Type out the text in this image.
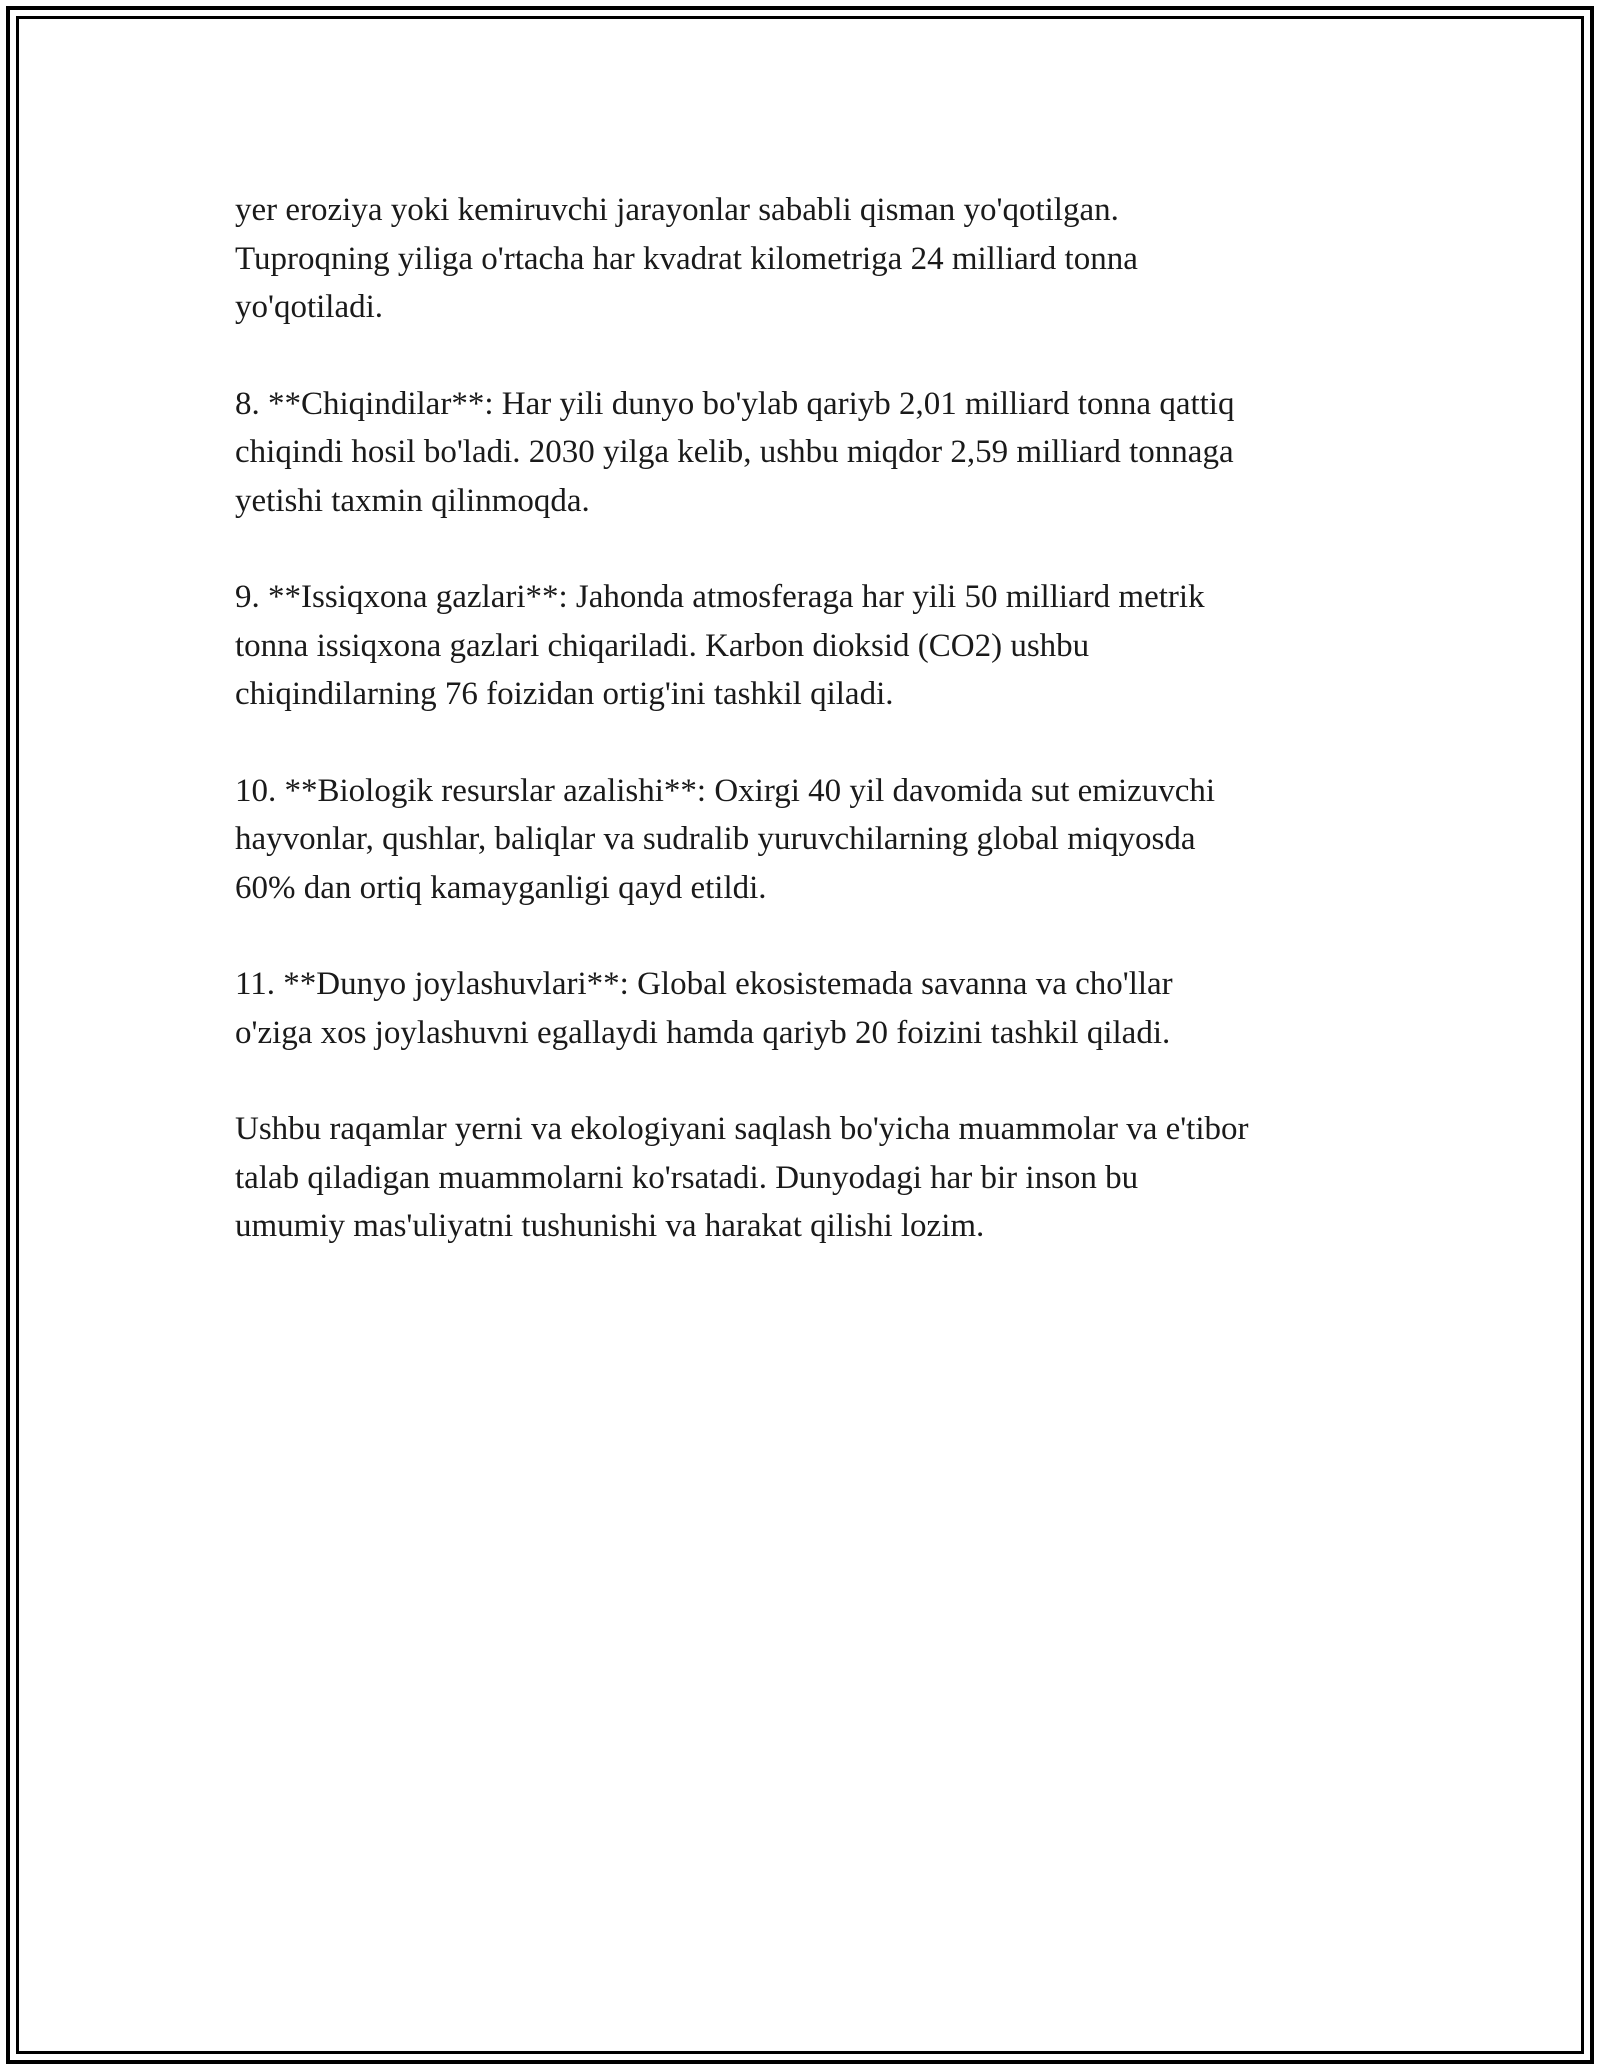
yer eroziya yoki kemiruvchi jarayonlar sababli qisman yo'qotilgan.
Tuproqning yiliga o'rtacha har kvadrat kilometriga 24 milliard tonna
yo'qotiladi.
8. **Chiqindilar**: Har yili dunyo bo'ylab qariyb 2,01 milliard tonna qattiq
chiqindi hosil bo'ladi. 2030 yilga kelib, ushbu miqdor 2,59 milliard tonnaga
yetishi taxmin qilinmoqda.
9. **Issiqxona gazlari**: Jahonda atmosferaga har yili 50 milliard metrik
tonna issiqxona gazlari chiqariladi. Karbon dioksid (CO2) ushbu
chiqindilarning 76 foizidan ortig'ini tashkil qiladi.
10. **Biologik resurslar azalishi**: Oxirgi 40 yil davomida sut emizuvchi
hayvonlar, qushlar, baliqlar va sudralib yuruvchilarning global miqyosda
60% dan ortiq kamayganligi qayd etildi.
11. **Dunyo joylashuvlari**: Global ekosistemada savanna va cho'llar
o'ziga xos joylashuvni egallaydi hamda qariyb 20 foizini tashkil qiladi.
Ushbu raqamlar yerni va ekologiyani saqlash bo'yicha muammolar va e'tibor
talab qiladigan muammolarni ko'rsatadi. Dunyodagi har bir inson bu
umumiy mas'uliyatni tushunishi va harakat qilishi lozim.
